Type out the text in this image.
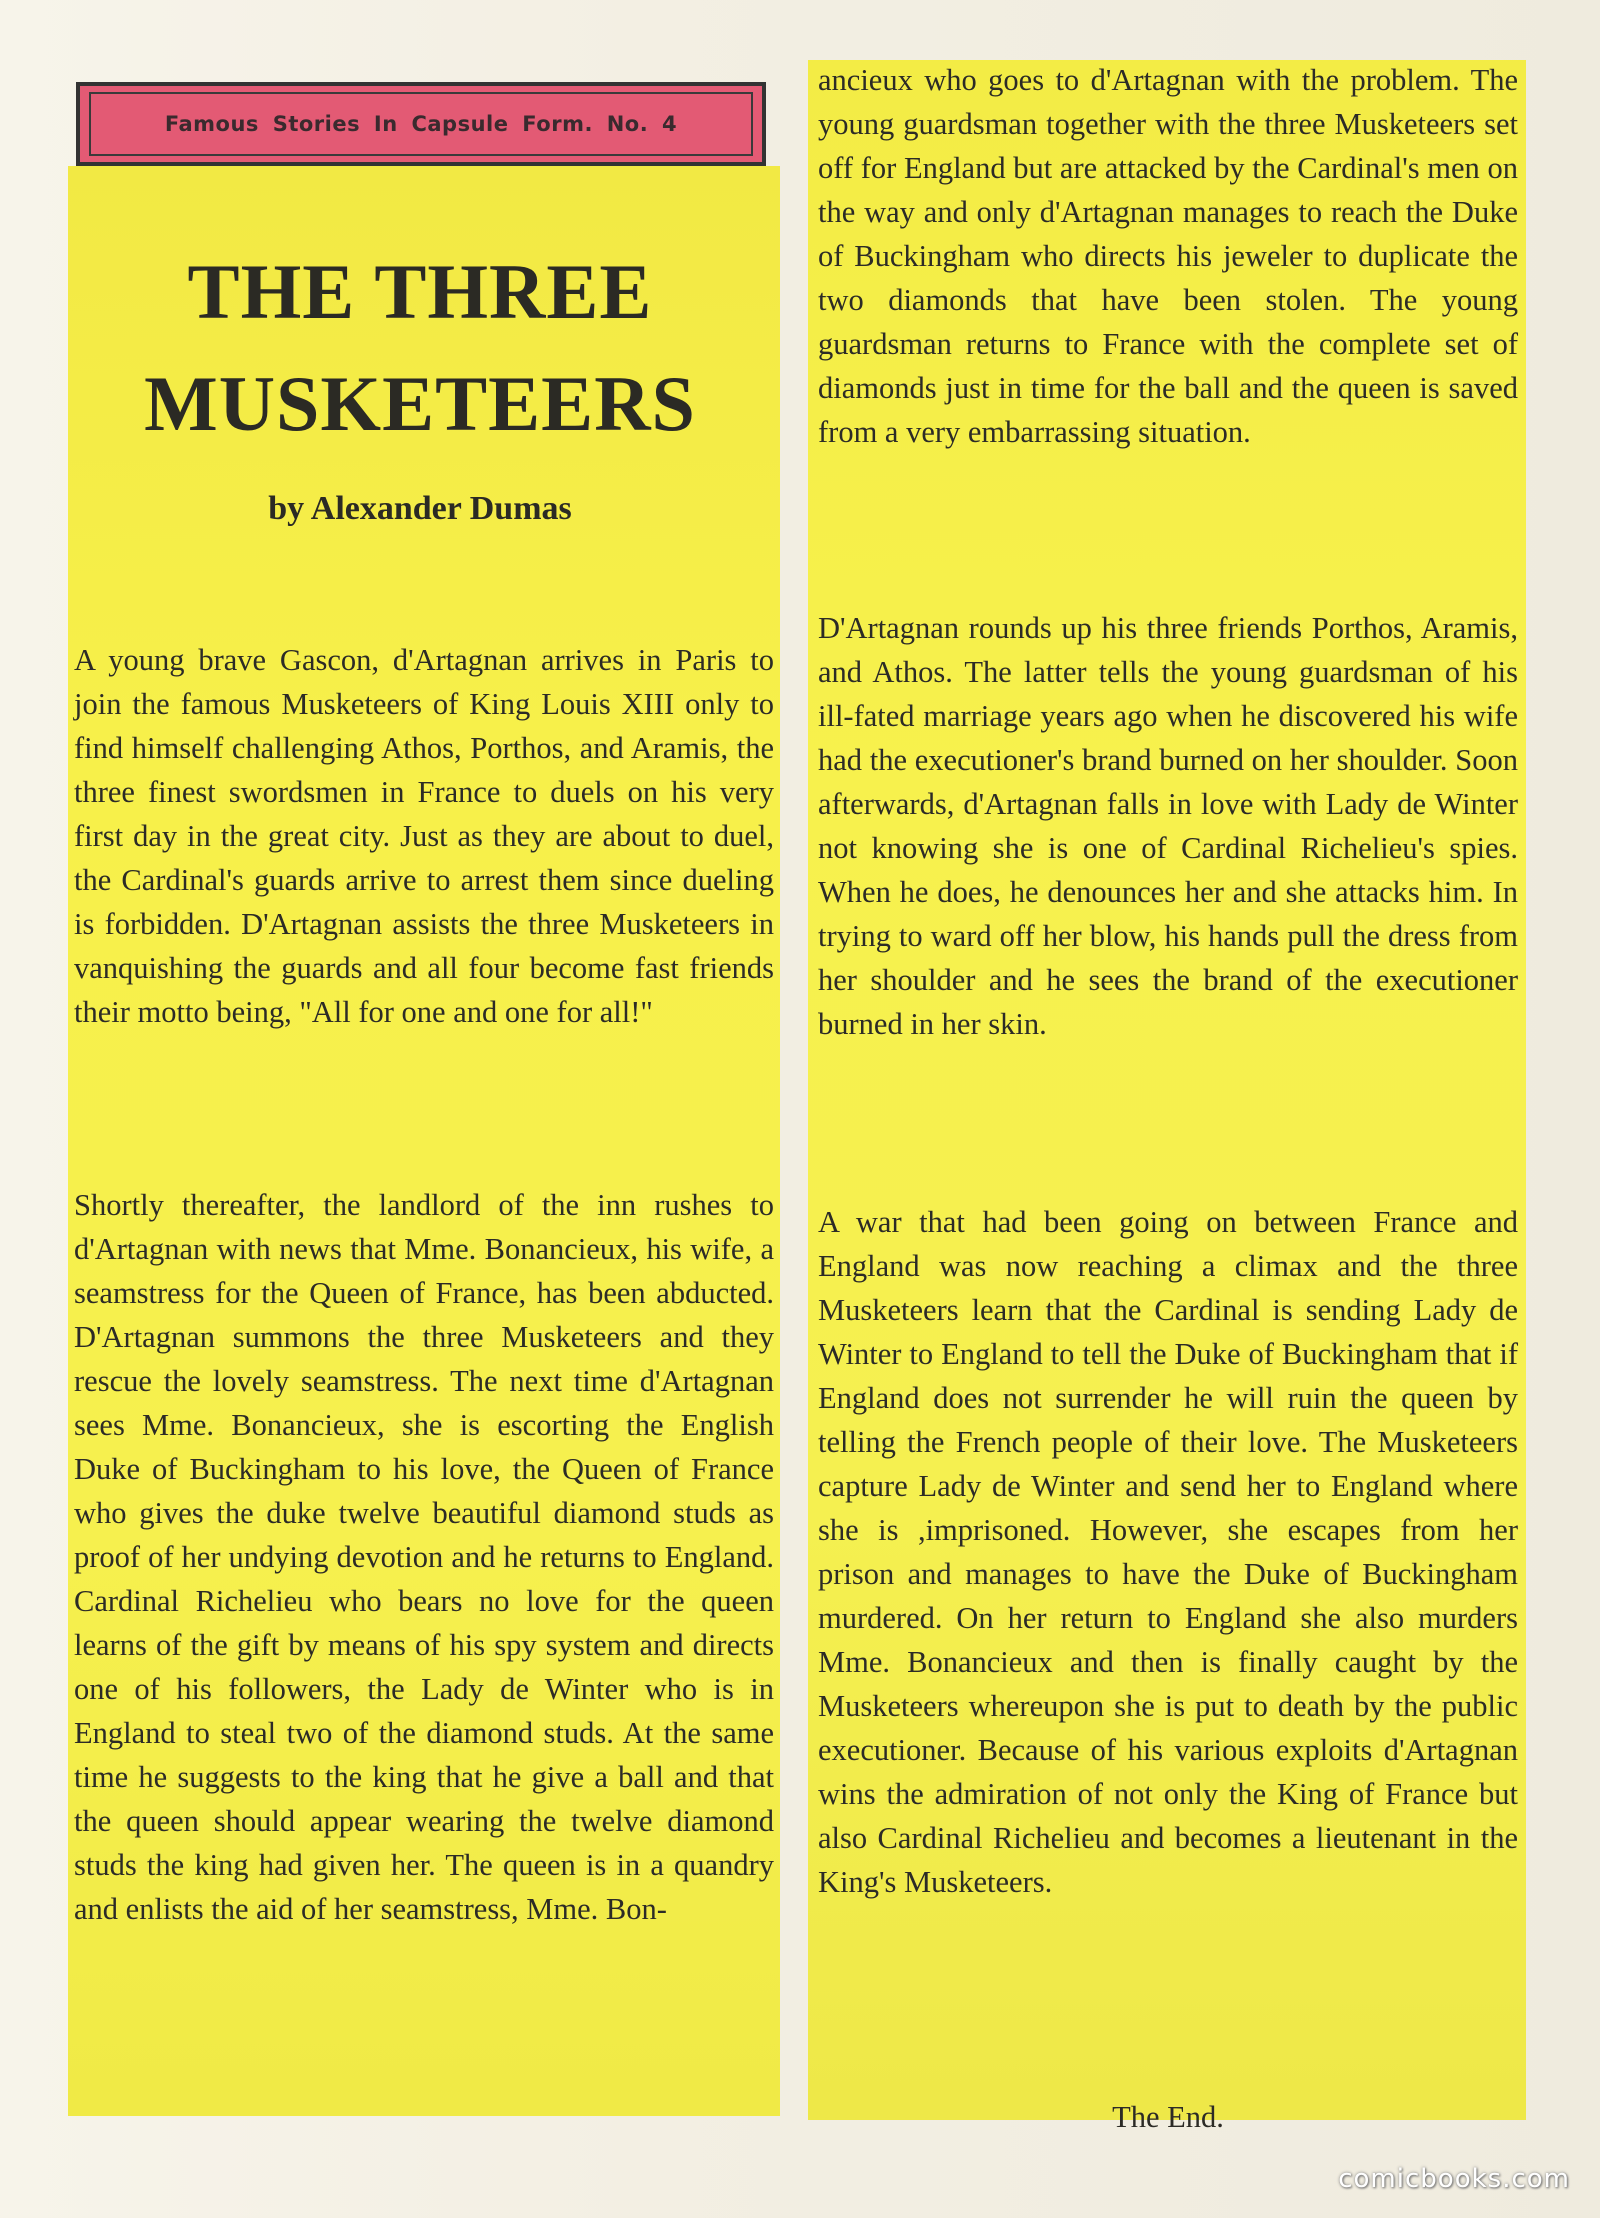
Famous Stories In Capsule Form. No. 4
THE THREE
MUSKETEERS
by Alexander Dumas

A young brave Gascon, d'Artagnan arrives in Paris to join the famous Musketeers of King Louis XIII only to find himself challenging Athos, Porthos, and Aramis, the three finest swordsmen in France to duels on his very first day in the great city. Just as they are about to duel, the Cardinal's guards arrive to arrest them since dueling is forbidden. D'Artagnan assists the three Musketeers in vanquishing the guards and all four become fast friends their motto being, "All for one and one for all!"

Shortly thereafter, the landlord of the inn rushes to d'Artagnan with news that Mme. Bonancieux, his wife, a seamstress for the Queen of France, has been abducted. D'Artagnan summons the three Musketeers and they rescue the lovely seamstress. The next time d'Artagnan sees Mme. Bonancieux, she is escorting the English Duke of Buckingham to his love, the Queen of France who gives the duke twelve beautiful diamond studs as proof of her undying devotion and he returns to England. Cardinal Richelieu who bears no love for the queen learns of the gift by means of his spy system and directs one of his followers, the Lady de Winter who is in England to steal two of the diamond studs. At the same time he suggests to the king that he give a ball and that the queen should appear wearing the twelve diamond studs the king had given her. The queen is in a quandry and enlists the aid of her seamstress, Mme. Bon-

ancieux who goes to d'Artagnan with the problem. The young guardsman together with the three Musketeers set off for England but are attacked by the Cardinal's men on the way and only d'Artagnan manages to reach the Duke of Buckingham who directs his jeweler to duplicate the two diamonds that have been stolen. The young guardsman returns to France with the complete set of diamonds just in time for the ball and the queen is saved from a very embarrassing situation.

D'Artagnan rounds up his three friends Porthos, Aramis, and Athos. The latter tells the young guardsman of his ill-fated marriage years ago when he discovered his wife had the executioner's brand burned on her shoulder. Soon afterwards, d'Artagnan falls in love with Lady de Winter not knowing she is one of Cardinal Richelieu's spies. When he does, he denounces her and she attacks him. In trying to ward off her blow, his hands pull the dress from her shoulder and he sees the brand of the executioner burned in her skin.

A war that had been going on between France and England was now reaching a climax and the three Musketeers learn that the Cardinal is sending Lady de Winter to England to tell the Duke of Buckingham that if England does not surrender he will ruin the queen by telling the French people of their love. The Musketeers capture Lady de Winter and send her to England where she is ,imprisoned. However, she escapes from her prison and manages to have the Duke of Buckingham murdered. On her return to England she also murders Mme. Bonancieux and then is finally caught by the Musketeers whereupon she is put to death by the public executioner. Because of his various exploits d'Artagnan wins the admiration of not only the King of France but also Cardinal Richelieu and becomes a lieutenant in the King's Musketeers.

The End.
comicbooks.com
